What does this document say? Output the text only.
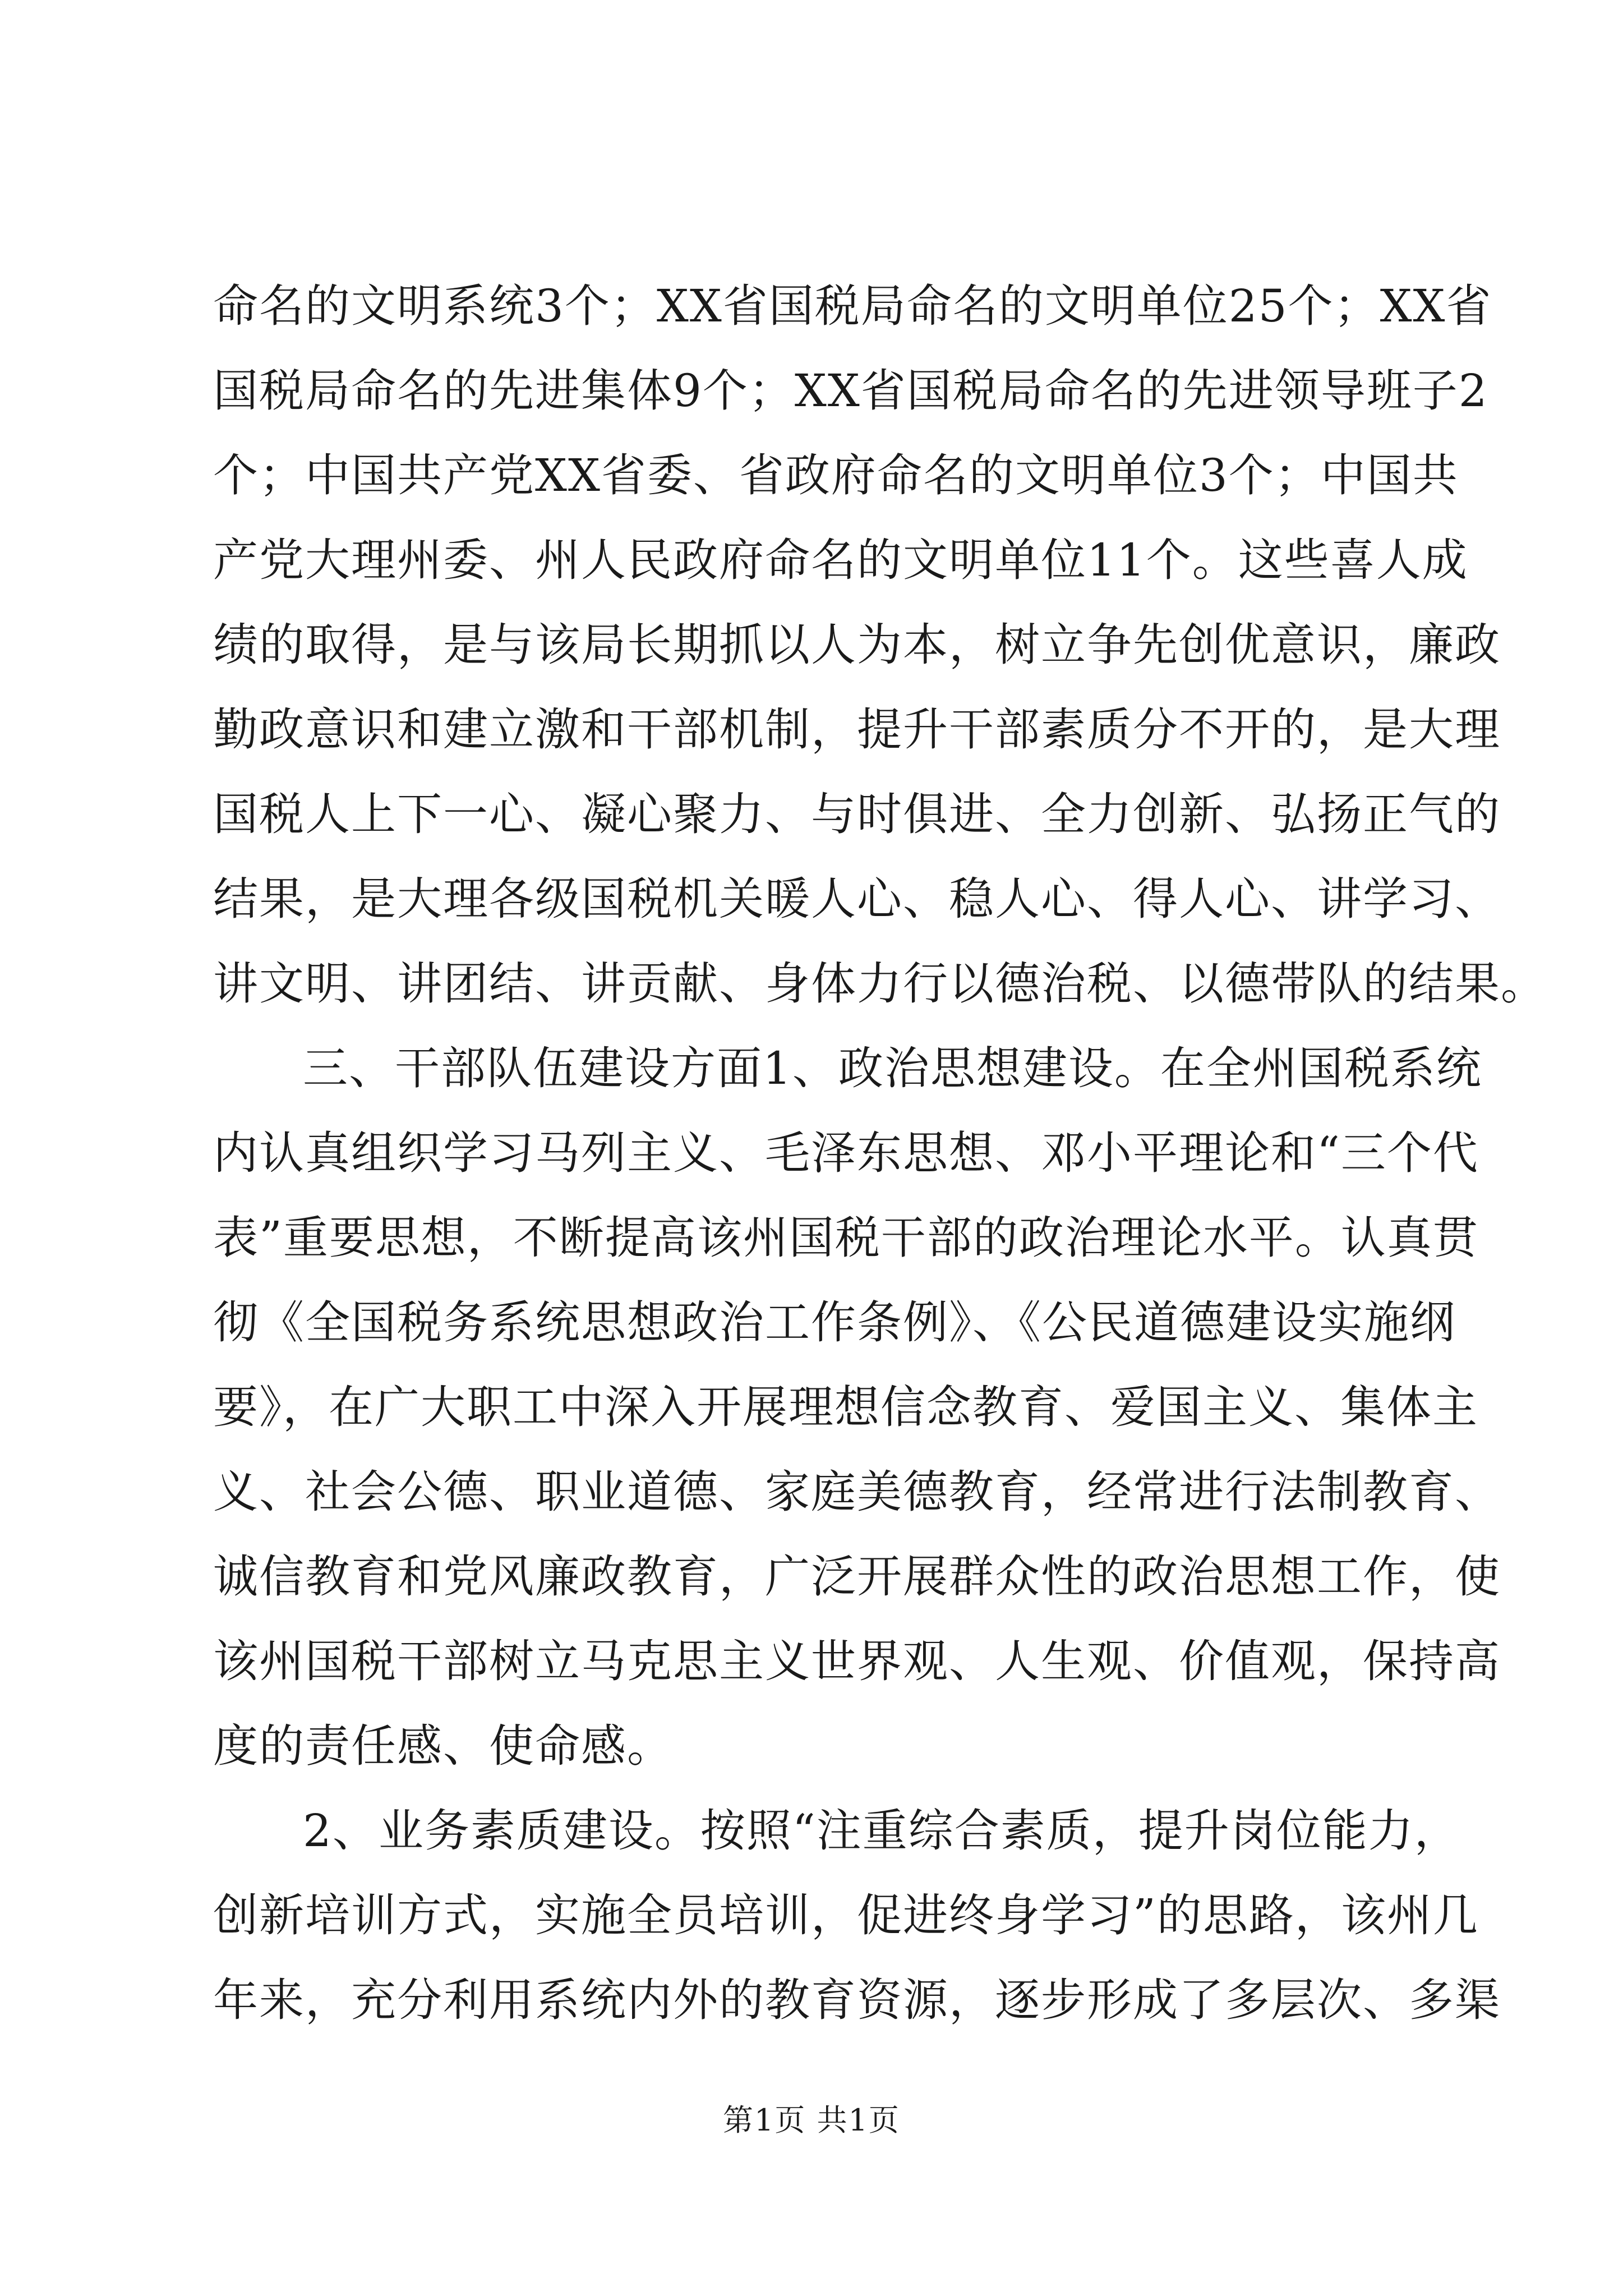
命名的文明系统3个；XX省国税局命名的文明单位25个；XX省
国税局命名的先进集体9个；XX省国税局命名的先进领导班子2
个；中国共产党XX省委、省政府命名的文明单位3个；中国共
产党大理州委、州人民政府命名的文明单位11个。这些喜人成
绩的取得，是与该局长期抓以人为本，树立争先创优意识，廉政
勤政意识和建立激和干部机制，提升干部素质分不开的，是大理
国税人上下一心、凝心聚力、与时俱进、全力创新、弘扬正气的
结果，是大理各级国税机关暖人心、稳人心、得人心、讲学习、
讲文明、讲团结、讲贡献、身体力行以德治税、以德带队的结果。
三、干部队伍建设方面1、政治思想建设。在全州国税系统
内认真组织学习马列主义、毛泽东思想、邓小平理论和“三个代
表”重要思想，不断提高该州国税干部的政治理论水平。认真贯
彻《全国税务系统思想政治工作条例》、《公民道德建设实施纲
要》，在广大职工中深入开展理想信念教育、爱国主义、集体主
义、社会公德、职业道德、家庭美德教育，经常进行法制教育、
诚信教育和党风廉政教育，广泛开展群众性的政治思想工作，使
该州国税干部树立马克思主义世界观、人生观、价值观，保持高
度的责任感、使命感。
2、业务素质建设。按照“注重综合素质，提升岗位能力，
创新培训方式，实施全员培训，促进终身学习”的思路，该州几
年来，充分利用系统内外的教育资源，逐步形成了多层次、多渠
第1页 共1页
